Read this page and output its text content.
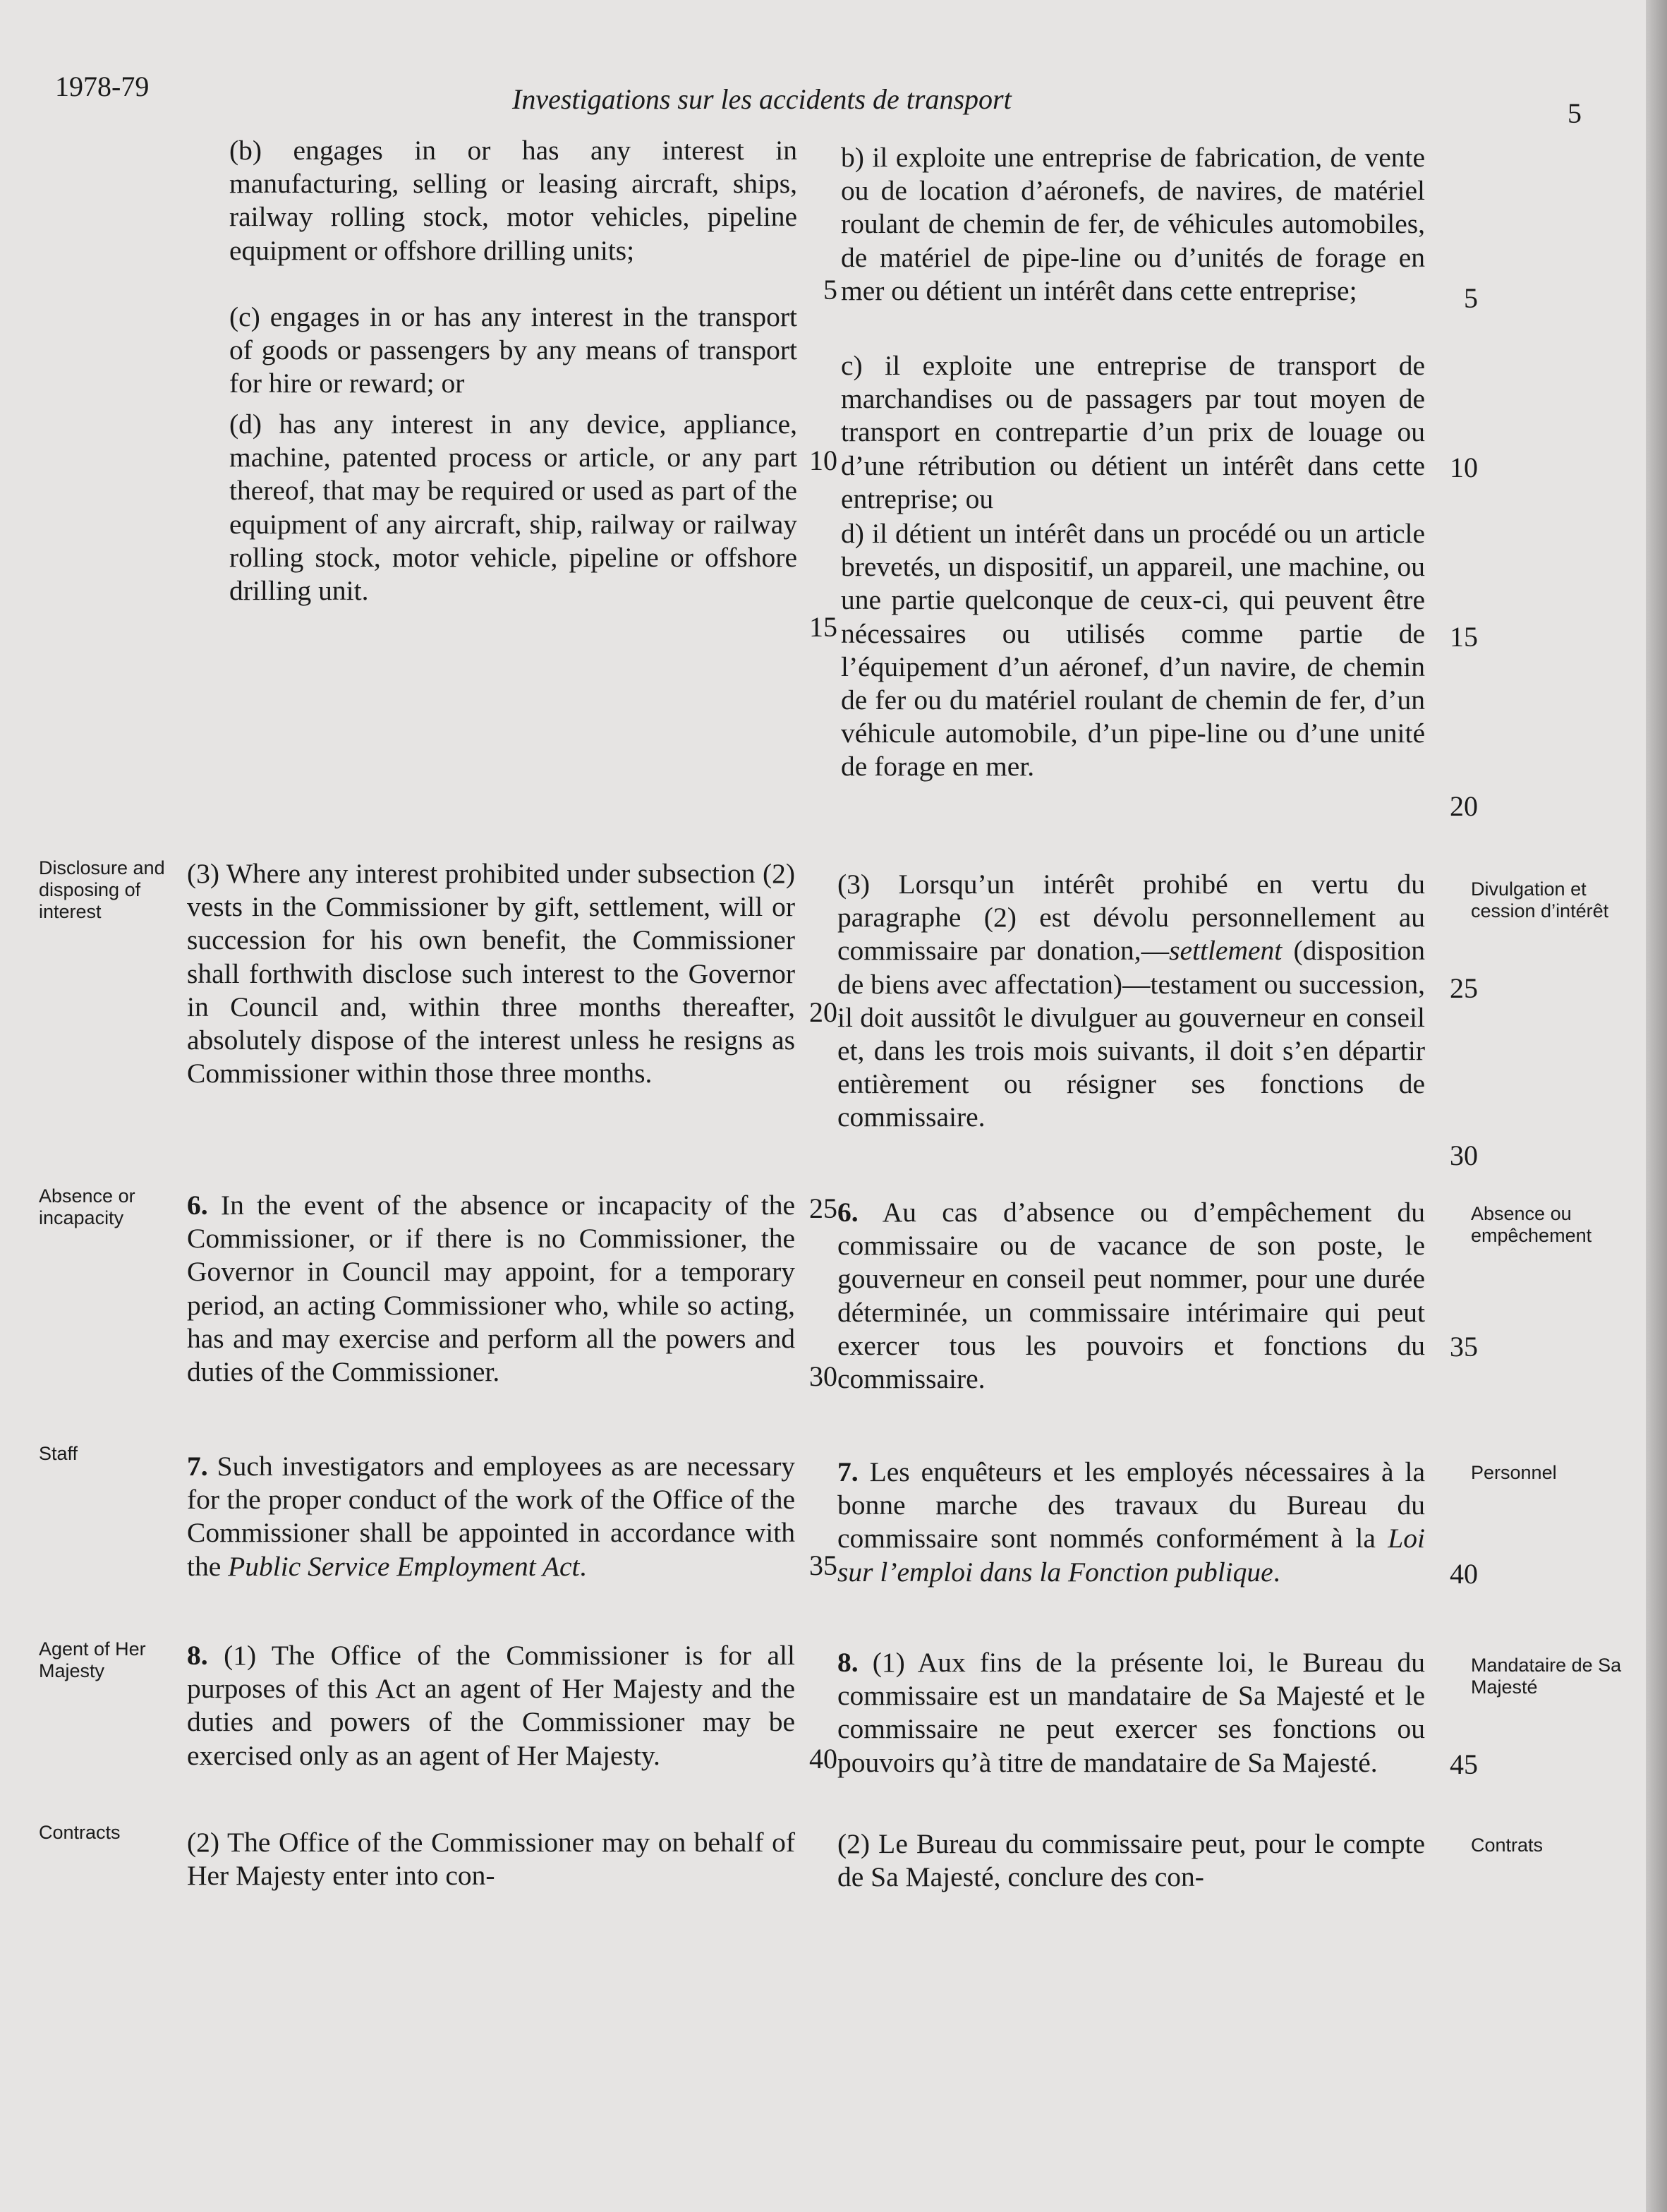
1978-79	Investigations sur les accidents de transport	5

(b) engages in or has any interest in manufacturing, selling or leasing aircraft, ships, railway rolling stock, motor vehicles, pipeline equipment or offshore drilling units;

(c) engages in or has any interest in the transport of goods or passengers by any means of transport for hire or reward; or

(d) has any interest in any device, appliance, machine, patented process or article, or any part thereof, that may be required or used as part of the equipment of any aircraft, ship, railway or railway rolling stock, motor vehicle, pipeline or offshore drilling unit.

(3) Where any interest prohibited under subsection (2) vests in the Commissioner by gift, settlement, will or succession for his own benefit, the Commissioner shall forthwith disclose such interest to the Governor in Council and, within three months thereafter, absolutely dispose of the interest unless he resigns as Commissioner within those three months.

6. In the event of the absence or incapacity of the Commissioner, or if there is no Commissioner, the Governor in Council may appoint, for a temporary period, an acting Commissioner who, while so acting, has and may exercise and perform all the powers and duties of the Commissioner.

7. Such investigators and employees as are necessary for the proper conduct of the work of the Office of the Commissioner shall be appointed in accordance with the Public Service Employment Act.

8. (1) The Office of the Commissioner is for all purposes of this Act an agent of Her Majesty and the duties and powers of the Commissioner may be exercised only as an agent of Her Majesty.

(2) The Office of the Commissioner may on behalf of Her Majesty enter into con-

Disclosure and disposing of interest
Absence or incapacity
Staff
Agent of Her Majesty
Contracts
5
10
15
20
25
30
35
40

b) il exploite une entreprise de fabrication, de vente ou de location d’aéronefs, de navires, de matériel roulant de chemin de fer, de véhicules automobiles, de matériel de pipe-line ou d’unités de forage en mer ou détient un intérêt dans cette entreprise;

c) il exploite une entreprise de transport de marchandises ou de passagers par tout moyen de transport en contrepartie d’un prix de louage ou d’une rétribution ou détient un intérêt dans cette entreprise; ou

d) il détient un intérêt dans un procédé ou un article brevetés, un dispositif, un appareil, une machine, ou une partie quelconque de ceux-ci, qui peuvent être nécessaires ou utilisés comme partie de l’équipement d’un aéronef, d’un navire, de chemin de fer ou du matériel roulant de chemin de fer, d’un véhicule automobile, d’un pipe-line ou d’une unité de forage en mer.

(3) Lorsqu’un intérêt prohibé en vertu du paragraphe (2) est dévolu personnellement au commissaire par donation,—settlement (disposition de biens avec affectation)—testament ou succession, il doit aussitôt le divulguer au gouverneur en conseil et, dans les trois mois suivants, il doit s’en départir entièrement ou résigner ses fonctions de commissaire.

6. Au cas d’absence ou d’empêchement du commissaire ou de vacance de son poste, le gouverneur en conseil peut nommer, pour une durée déterminée, un commissaire intérimaire qui peut exercer tous les pouvoirs et fonctions du commissaire.

7. Les enquêteurs et les employés nécessaires à la bonne marche des travaux du Bureau du commissaire sont nommés conformément à la Loi sur l’emploi dans la Fonction publique.

8. (1) Aux fins de la présente loi, le Bureau du commissaire est un mandataire de Sa Majesté et le commissaire ne peut exercer ses fonctions ou pouvoirs qu’à titre de mandataire de Sa Majesté.

(2) Le Bureau du commissaire peut, pour le compte de Sa Majesté, conclure des con-

Divulgation et cession d’intérêt
Absence ou empêchement
Personnel
Mandataire de Sa Majesté
Contrats
5
10
15
20
25
30
35
40
45
